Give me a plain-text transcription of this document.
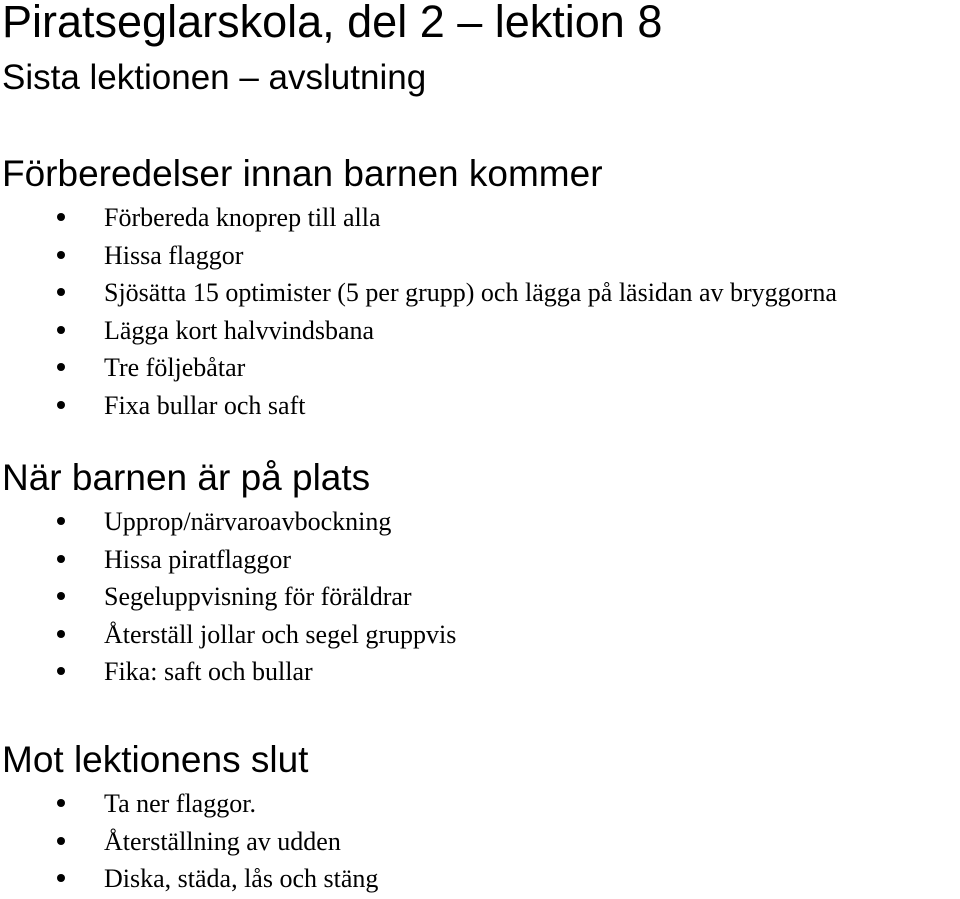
Piratseglarskola, del 2 – lektion 8
Sista lektionen – avslutning
Förberedelser innan barnen kommer
Förbereda knoprep till alla
Hissa flaggor
Sjösätta 15 optimister (5 per grupp) och lägga på läsidan av bryggorna
Lägga kort halvvindsbana
Tre följebåtar
Fixa bullar och saft
När barnen är på plats
Upprop/närvaroavbockning
Hissa piratflaggor
Segeluppvisning för föräldrar
Återställ jollar och segel gruppvis
Fika: saft och bullar
Mot lektionens slut
Ta ner flaggor.
Återställning av udden
Diska, städa, lås och stäng
